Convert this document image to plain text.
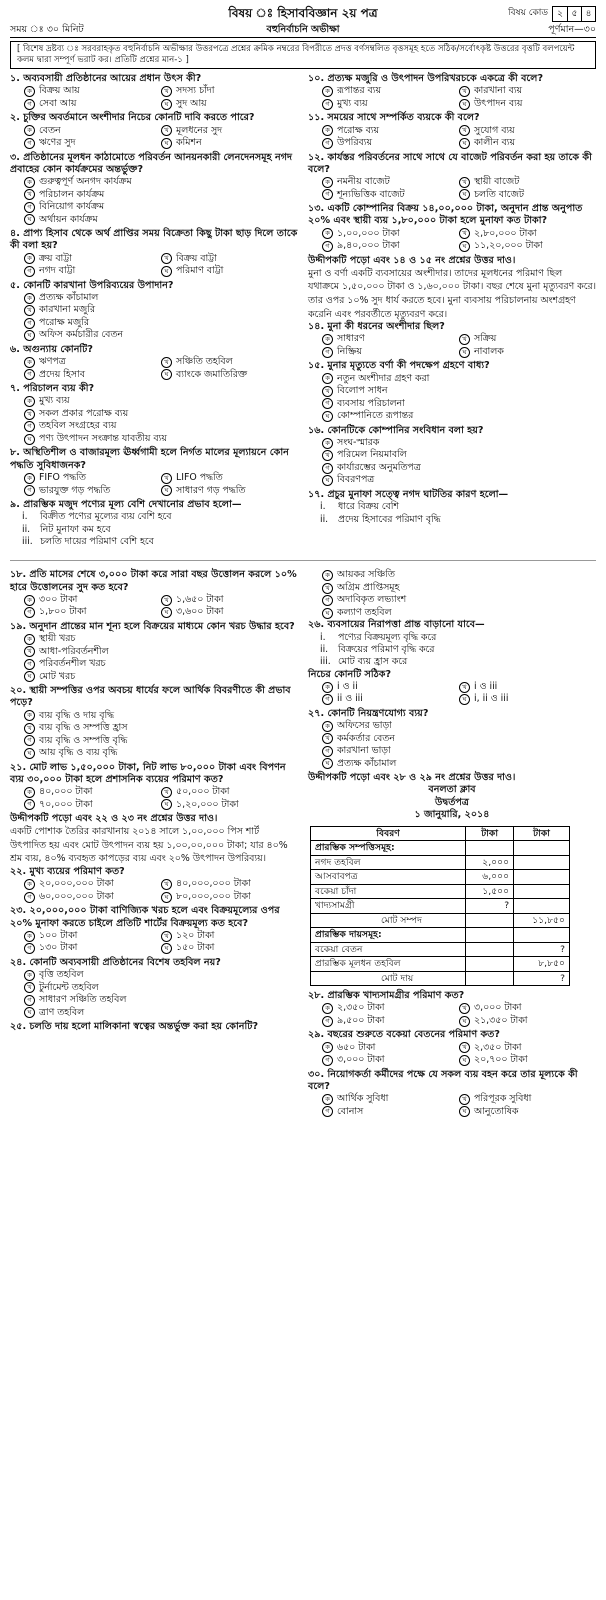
বিষয় ঃ হিসাববিজ্ঞান ২য় পত্র	বিষয় কোড	২ ৫ ৪
সময় ঃ ৩০ মিনিট	বহুনির্বাচনি অভীক্ষা	পূর্ণমান—৩০
[ বিশেষ দ্রষ্টব্য ঃ সরবরাহকৃত বহুনির্বাচনি অভীক্ষার উত্তরপত্রে প্রশ্নের ক্রমিক নম্বরের বিপরীতে প্রদত্ত বর্ণসম্বলিত বৃত্তসমূহ হতে সঠিক/সর্বোৎকৃষ্ট উত্তরের বৃত্তটি বলপয়েন্ট কলম দ্বারা সম্পূর্ণ ভরাট কর। প্রতিটি প্রশ্নের মান-১ ]
১. অব্যবসায়ী প্রতিষ্ঠানের আয়ের প্রধান উৎস কী?
ক বিক্রয় আয়	খ সদস্য চাঁদা
গ সেবা আয়	ঘ সুদ আয়
২. চুক্তির অবর্তমানে অংশীদার নিচের কোনটি দাবি করতে পারে?
ক বেতন	খ মূলধনের সুদ
গ ঋণের সুদ	ঘ কমিশন
৩. প্রতিষ্ঠানের মূলধন কাঠামোতে পরিবর্তন আনয়নকারী লেনদেনসমূহ নগদ প্রবাহের কোন কার্যক্রমের অন্তর্ভুক্ত?
ক গুরুত্বপূর্ণ অনগদ কার্যক্রম
খ পরিচালন কার্যক্রম
গ বিনিয়োগ কার্যক্রম
ঘ অর্থায়ন কার্যক্রম
৪. প্রাপ্য হিসাব থেকে অর্থ প্রাপ্তির সময় বিক্রেতা কিছু টাকা ছাড় দিলে তাকে কী বলা হয়?
ক ক্রয় বাট্টা	খ বিক্রয় বাট্টা
গ নগদ বাট্টা	ঘ পরিমাণ বাট্টা
৫. কোনটি কারখানা উপরিব্যয়ের উপাদান?
ক প্রত্যক্ষ কাঁচামাল
খ কারখানা মজুরি
গ পরোক্ষ মজুরি
ঘ অফিস কর্মচারীর বেতন
৬. অগুন্যায় কোনটি?
ক ঋণপত্র	খ সঞ্চিতি তহবিল
গ প্রদেয় হিসাব	ঘ ব্যাংকে জমাতিরিক্ত
৭. পরিচালন ব্যয় কী?
ক মুখ্য ব্যয়
খ সকল প্রকার পরোক্ষ ব্যয়
গ তহবিল সংগ্রহের ব্যয়
ঘ পণ্য উৎপাদন সংক্রান্ত যাবতীয় ব্যয়
৮. অস্থিতিশীল ও বাজারমূল্য ঊর্ধ্বগামী হলে নির্গত মালের মূল্যায়নে কোন পদ্ধতি সুবিধাজনক?
ক FIFO পদ্ধতি	খ LIFO পদ্ধতি
গ ভারযুক্ত গড় পদ্ধতি	ঘ সাধারণ গড় পদ্ধতি
৯. প্রারম্ভিক মজুদ পণ্যের মূল্য বেশি দেখানোর প্রভাব হলো—
i.	বিক্রীত পণ্যের মূল্যের ব্যয় বেশি হবে
ii.	নিট মুনাফা কম হবে
iii. চলতি দায়ের পরিমাণ বেশি হবে
১০. প্রত্যক্ষ মজুরি ও উৎপাদন উপরিখরচকে একত্রে কী বলে?
ক রূপান্তর ব্যয়	খ কারখানা ব্যয়
গ মুখ্য ব্যয়	ঘ উৎপাদন ব্যয়
১১. সময়ের সাথে সম্পর্কিত ব্যয়কে কী বলে?
ক পরোক্ষ ব্যয়	খ সুযোগ ব্যয়
গ উপরিব্যয়	ঘ কালীন ব্যয়
১২. কার্যস্তর পরিবর্তনের সাথে সাথে যে বাজেট পরিবর্তন করা হয় তাকে কী বলে?
ক নমনীয় বাজেট	খ স্থায়ী বাজেট
গ শূন্যভিত্তিক বাজেট	ঘ চলতি বাজেট
১৩. একটি কোম্পানির বিক্রয় ১৪,০০,০০০ টাকা, অনুদান প্রান্ত অনুপাত ২০% এবং স্থায়ী ব্যয় ১,৮০,০০০ টাকা হলে মুনাফা কত টাকা?
ক ১,০০,০০০ টাকা	খ ২,৮০,০০০ টাকা
গ ৯,৪০,০০০ টাকা	ঘ ১১,২০,০০০ টাকা
উদ্দীপকটি পড়ো এবং ১৪ ও ১৫ নং প্রশ্নের উত্তর দাও।
মুনা ও বর্ণা একটি ব্যবসায়ের অংশীদার। তাদের মূলধনের পরিমাণ ছিল যথাক্রমে ১,৫০,০০০ টাকা ও ১,৬০,০০০ টাকা। বছর শেষে মুনা মৃত্যুবরণ করে। তার ওপর ১০% সুদ ধার্য করতে হবে। মুনা ব্যবসায় পরিচালনায় অংশগ্রহণ করেনি এবং পরবর্তীতে মৃত্যুবরণ করে।
১৪. মুনা কী ধরনের অংশীদার ছিল?
ক সাধারণ	খ সক্রিয়
গ নিষ্ক্রিয়	ঘ নাবালক
১৫. মুনার মৃত্যুতে বর্ণা কী পদক্ষেপ গ্রহণে বাধ্য?
ক নতুন অংশীদার গ্রহণ করা
খ বিলোপ সাধন
গ ব্যবসায় পরিচালনা
ঘ কোম্পানিতে রূপান্তর
১৬. কোনটিকে কোম্পানির সংবিধান বলা হয়?
ক সংঘ-স্মারক
খ পরিমেল নিয়মাবলি
গ কার্যারম্ভের অনুমতিপত্র
ঘ বিবরণপত্র
১৭. প্রচুর মুনাফা সত্ত্বে নগদ ঘাটতির কারণ হলো—
i.	ধারে বিক্রয় বেশি
ii.	প্রদেয় হিসাবের পরিমাণ বৃদ্ধি
১৮. প্রতি মাসের শেষে ৩,০০০ টাকা করে সারা বছর উত্তোলন করলে ১০% হারে উত্তোলনের সুদ কত হবে?
ক ৩০০ টাকা	খ ১,৬৫০ টাকা
গ ১,৮০০ টাকা	ঘ ৩,৬০০ টাকা
১৯. অনুদান প্রান্তের মান শূন্য হলে বিক্রয়ের মাধ্যমে কোন খরচ উদ্ধার হবে?
ক স্থায়ী খরচ
খ আধা-পরিবর্তনশীল
গ পরিবর্তনশীল খরচ
ঘ মোট খরচ
২০. স্থায়ী সম্পত্তির ওপর অবচয় ধার্যের ফলে আর্থিক বিবরণীতে কী প্রভাব পড়ে?
ক ব্যয় বৃদ্ধি ও দায় বৃদ্ধি
খ ব্যয় বৃদ্ধি ও সম্পত্তি হ্রাস
গ ব্যয় বৃদ্ধি ও সম্পত্তি বৃদ্ধি
ঘ আয় বৃদ্ধি ও ব্যয় বৃদ্ধি
২১. মোট লাভ ১,৫০,০০০ টাকা, নিট লাভ ৮০,০০০ টাকা এবং বিপণন ব্যয় ৩০,০০০ টাকা হলে প্রশাসনিক ব্যয়ের পরিমাণ কত?
ক ৪০,০০০ টাকা	খ ৫০,০০০ টাকা
গ ৭০,০০০ টাকা	ঘ ১,২০,০০০ টাকা
উদ্দীপকটি পড়ো এবং ২২ ও ২৩ নং প্রশ্নের উত্তর দাও।
একটি পোশাক তৈরির কারখানায় ২০১৪ সালে ১,০০,০০০ পিস শার্ট উৎপাদিত হয় এবং মোট উৎপাদন ব্যয় হয় ১,০০,০০,০০০ টাকা; যার ৪০% শ্রম ব্যয়, ৪০% ব্যবহৃত কাপড়ের ব্যয় এবং ২০% উৎপাদন উপরিব্যয়।
২২. মুখ্য ব্যয়ের পরিমাণ কত?
ক ২০,০০০,০০০ টাকা	খ ৪০,০০০,০০০ টাকা
গ ৬০,০০০,০০০ টাকা	ঘ ৮০,০০০,০০০ টাকা
২৩. ২০,০০০,০০০ টাকা বাণিজ্যিক খরচ হলে এবং বিক্রয়মূল্যের ওপর ২০% মুনাফা করতে চাইলে প্রতিটি শার্টের বিক্রয়মূল্য কত হবে?
ক ১০০ টাকা	খ ১২০ টাকা
গ ১৩০ টাকা	ঘ ১৫০ টাকা
২৪. কোনটি অব্যবসায়ী প্রতিষ্ঠানের বিশেষ তহবিল নয়?
ক বৃত্তি তহবিল
খ টুর্নামেন্ট তহবিল
গ সাধারণ সঞ্চিতি তহবিল
ঘ ত্রাণ তহবিল
২৫. চলতি দায় হলো মালিকানা স্বত্বের অন্তর্ভুক্ত করা হয় কোনটি?
ক আয়কর সঞ্চিতি
খ অগ্রিম প্রাপ্তিসমূহ
গ অদাবিকৃত লভ্যাংশ
ঘ কল্যাণ তহবিল
২৬. ব্যবসায়ের নিরাপত্তা প্রান্ত বাড়ানো যাবে—
i.	পণ্যের বিক্রয়মূল্য বৃদ্ধি করে
ii.	বিক্রয়ের পরিমাণ বৃদ্ধি করে
iii. মোট ব্যয় হ্রাস করে
নিচের কোনটি সঠিক?
ক i ও ii	খ i ও iii
গ ii ও iii	ঘ i, ii ও iii
২৭. কোনটি নিয়ন্ত্রণযোগ্য ব্যয়?
ক অফিসের ভাড়া
খ কর্মকর্তার বেতন
গ কারখানা ভাড়া
ঘ প্রত্যক্ষ কাঁচামাল
উদ্দীপকটি পড়ো এবং ২৮ ও ২৯ নং প্রশ্নের উত্তর দাও।
বনলতা ক্লাব
উদ্বর্তপত্র
১ জানুয়ারি, ২০১৪
বিবরণ	টাকা	টাকা
প্রারম্ভিক সম্পত্তিসমূহ:		
নগদ তহবিল	২,০০০	
আসবাবপত্র	৬,০০০	
বকেয়া চাঁদা	১,৫০০	
খাদ্যসামগ্রী	?	
মোট সম্পদ		১১,৮৫০
প্রারম্ভিক দায়সমূহ:		
বকেয়া বেতন		?
প্রারম্ভিক মূলধন তহবিল		৮,৮৫০
মোট দায়		?
২৮. প্রারম্ভিক খাদ্যসামগ্রীর পরিমাণ কত?
ক ২,৩৫০ টাকা	খ ৩,০০০ টাকা
গ ৯,৫০০ টাকা	ঘ ২১,৩৫০ টাকা
২৯. বছরের শুরুতে বকেয়া বেতনের পরিমাণ কত?
ক ৬৫০ টাকা	খ ২,৩৫০ টাকা
গ ৩,০০০ টাকা	ঘ ২০,৭০০ টাকা
৩০. নিয়োগকর্তা কর্মীদের পক্ষে যে সকল ব্যয় বহন করে তার মূল্যকে কী বলে?
ক আর্থিক সুবিধা	খ পরিপূরক সুবিধা
গ বোনাস	ঘ আনুতোষিক
